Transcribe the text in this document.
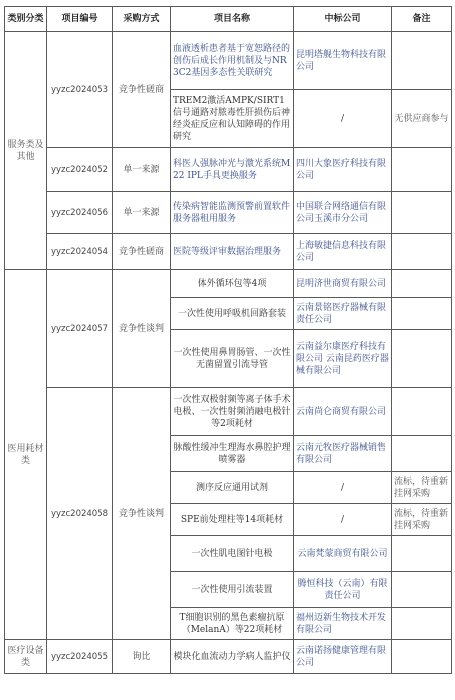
类别分类	项目编号	采购方式	项目名称	中标公司	备注
服务类及其他	yyzc2024053	竞争性磋商	血液透析患者基于宽恕路径的创伤后成长作用机制及与NR3C2基因多态性关联研究	昆明塔舰生物科技有限公司	
			TREM2激活AMPK/SIRT1信号通路对脓毒性肝损伤后神经炎症反应和认知障碍的作用研究	/	无供应商参与
	yyzc2024052	单一来源	科医人强脉冲光与激光系统M22 IPL手具更换服务	四川大象医疗科技有限公司	
	yyzc2024056	单一来源	传染病智能监测预警前置软件服务器租用服务	中国联合网络通信有限公司玉溪市分公司	
	yyzc2024054	竞争性磋商	医院等级评审数据治理服务	上海敏捷信息科技有限公司	
医用耗材类	yyzc2024057	竞争性谈判	体外循环包等4项	昆明济世商贸有限公司	
			一次性使用呼吸机回路套装	云南景铭医疗器械有限责任公司	
			一次性使用鼻胃肠管、一次性无菌留置引流导管	云南益尔康医疗科技有限公司 云南昆药医疗器械有限公司	
	yyzc2024058	竞争性谈判	一次性双极射频等离子体手术电极、一次性射频消融电极针等2项耗材	云南尚仑商贸有限公司	
			脉酸性缓冲生理海水鼻腔护理喷雾器	云南元牧医疗器械销售有限公司	
			测序反应通用试剂	/	流标，待重新挂网采购
			SPE前处理柱等14项耗材	/	流标，待重新挂网采购
			一次性肌电图针电极	云南梵蒙商贸有限公司	
			一次性使用引流装置	腾恒科技（云南）有限责任公司	
			T细胞识别的黑色素瘤抗原（MelanA）等22项耗材	福州迈新生物技术开发有限公司	
医疗设备类	yyzc2024055	询比	模块化血流动力学病人监护仪	云南诺扬健康管理有限公司	
